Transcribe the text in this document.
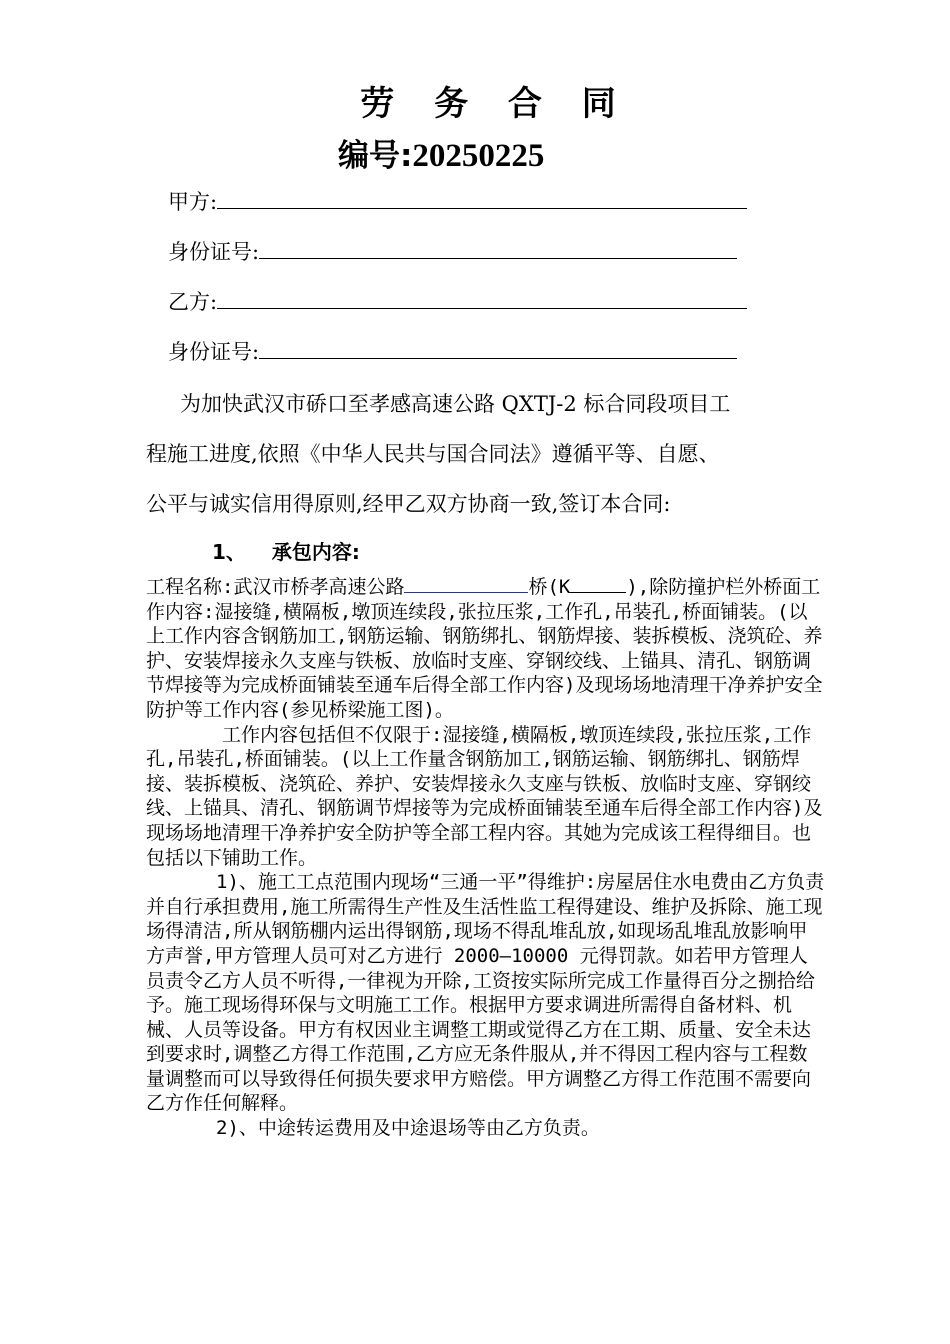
劳 务 合 同
编号:20250225
甲方:
身份证号:
乙方:
身份证号:
为加快武汉市硚口至孝感高速公路 QXTJ-2 标合同段项目工
程施工进度,依照《中华人民共与国合同法》遵循平等、自愿、
公平与诚实信用得原则,经甲乙双方协商一致,签订本合同:
1、 承包内容:

工程名称:武汉市桥孝高速公路	桥(K	),除防撞护栏外桥面工作内容:湿接缝,横隔板,墩顶连续段,张拉压浆,工作孔,吊装孔,桥面铺装。(以上工作内容含钢筋加工,钢筋运输、钢筋绑扎、钢筋焊接、装拆模板、浇筑砼、养护、安装焊接永久支座与铁板、放临时支座、穿钢绞线、上锚具、清孔、钢筋调节焊接等为完成桥面铺装至通车后得全部工作内容)及现场场地清理干净养护安全防护等工作内容(参见桥梁施工图)。

工作内容包括但不仅限于:湿接缝,横隔板,墩顶连续段,张拉压浆,工作孔,吊装孔,桥面铺装。(以上工作量含钢筋加工,钢筋运输、钢筋绑扎、钢筋焊接、装拆模板、浇筑砼、养护、安装焊接永久支座与铁板、放临时支座、穿钢绞线、上锚具、清孔、钢筋调节焊接等为完成桥面铺装至通车后得全部工作内容)及现场场地清理干净养护安全防护等全部工程内容。其她为完成该工程得细目。也包括以下铺助工作。

1)、施工工点范围内现场“三通一平”得维护:房屋居住水电费由乙方负责并自行承担费用,施工所需得生产性及生活性监工程得建设、维护及拆除、施工现场得清洁,所从钢筋棚内运出得钢筋,现场不得乱堆乱放,如现场乱堆乱放影响甲方声誉,甲方管理人员可对乙方进行 2000—10000 元得罚款。如若甲方管理人员责令乙方人员不听得,一律视为开除,工资按实际所完成工作量得百分之捌拾给予。施工现场得环保与文明施工工作。根据甲方要求调进所需得自备材料、机械、人员等设备。甲方有权因业主调整工期或觉得乙方在工期、质量、安全未达到要求时,调整乙方得工作范围,乙方应无条件服从,并不得因工程内容与工程数量调整而可以导致得任何损失要求甲方赔偿。甲方调整乙方得工作范围不需要向乙方作任何解释。

2)、中途转运费用及中途退场等由乙方负责。
